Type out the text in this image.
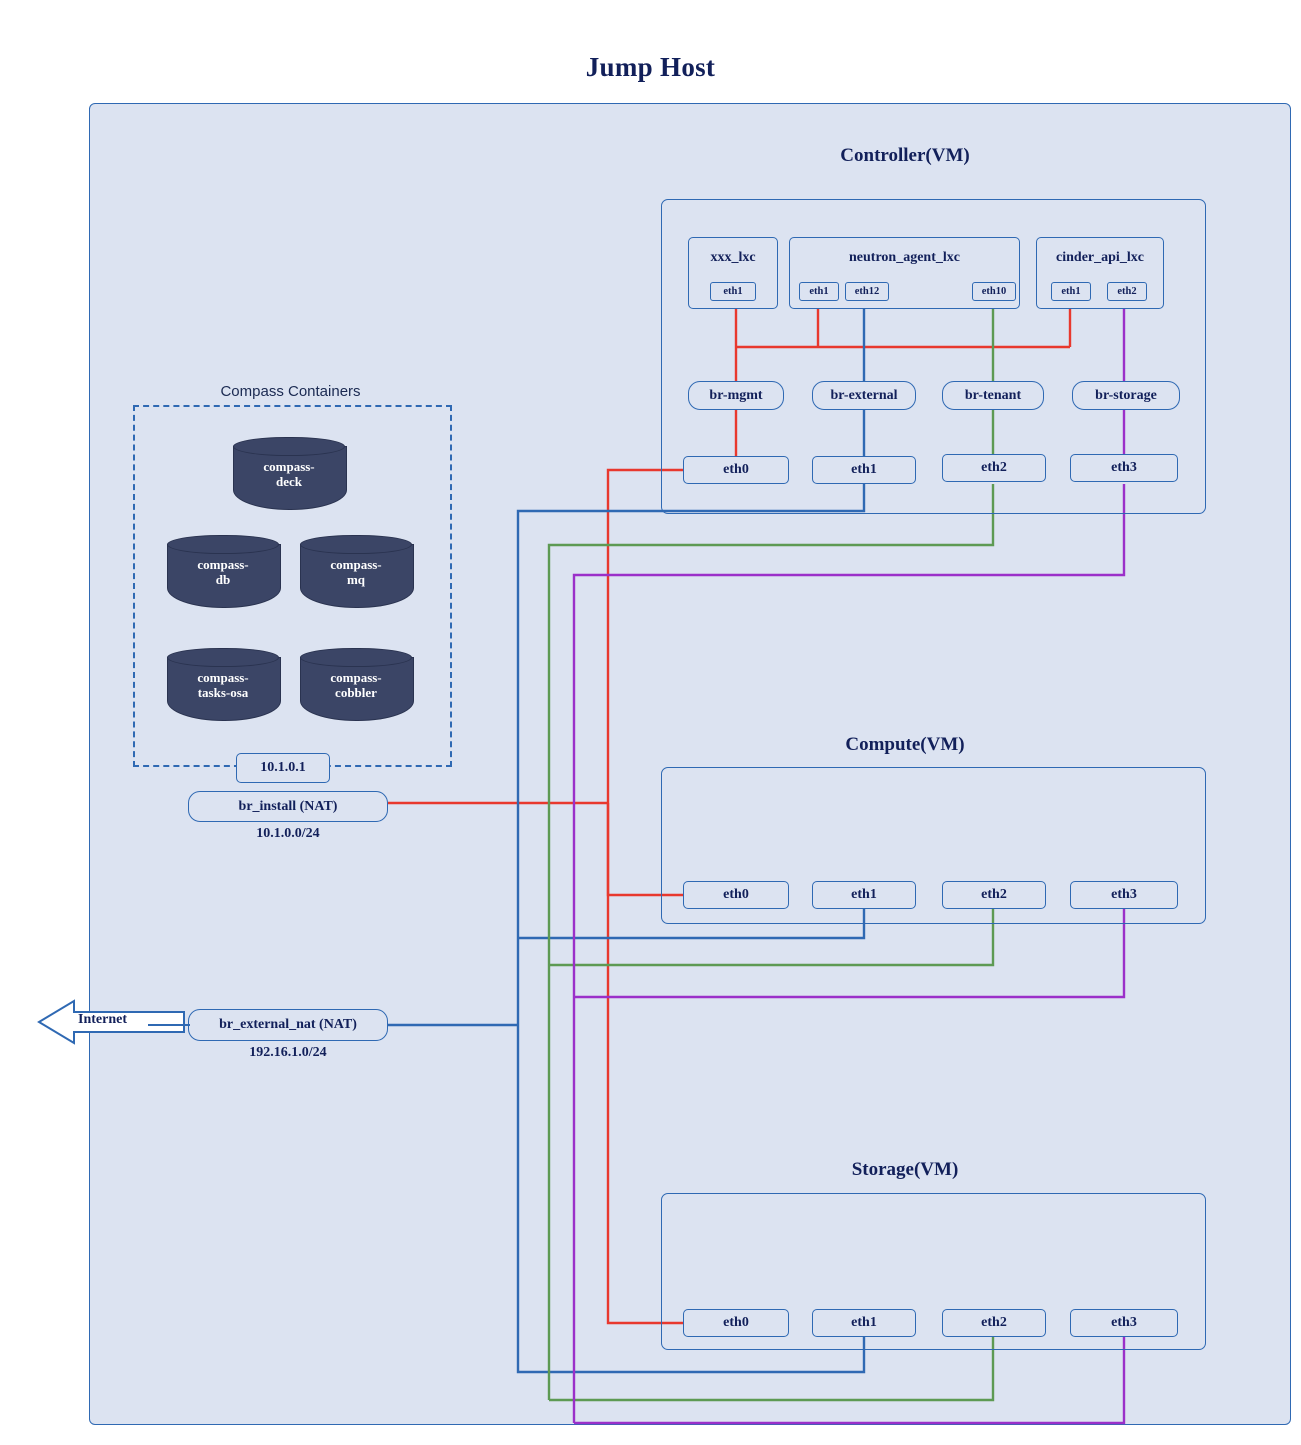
Jump Host
Controller(VM)
xxx_lxc
eth1
neutron_agent_lxc
eth1	eth12	eth10
cinder_api_lxc
eth1	eth2
br-mgmt	br-external	br-tenant	br-storage
eth0	eth1	eth2	eth3
Compass Containers
compass-
deck
compass-
db
compass-
mq
compass-
tasks-osa
compass-
cobbler
10.1.0.1
br_install (NAT)
10.1.0.0/24
Internet	br_external_nat (NAT)
192.16.1.0/24
Compute(VM)
eth0	eth1	eth2	eth3
Storage(VM)
eth0	eth1	eth2	eth3
